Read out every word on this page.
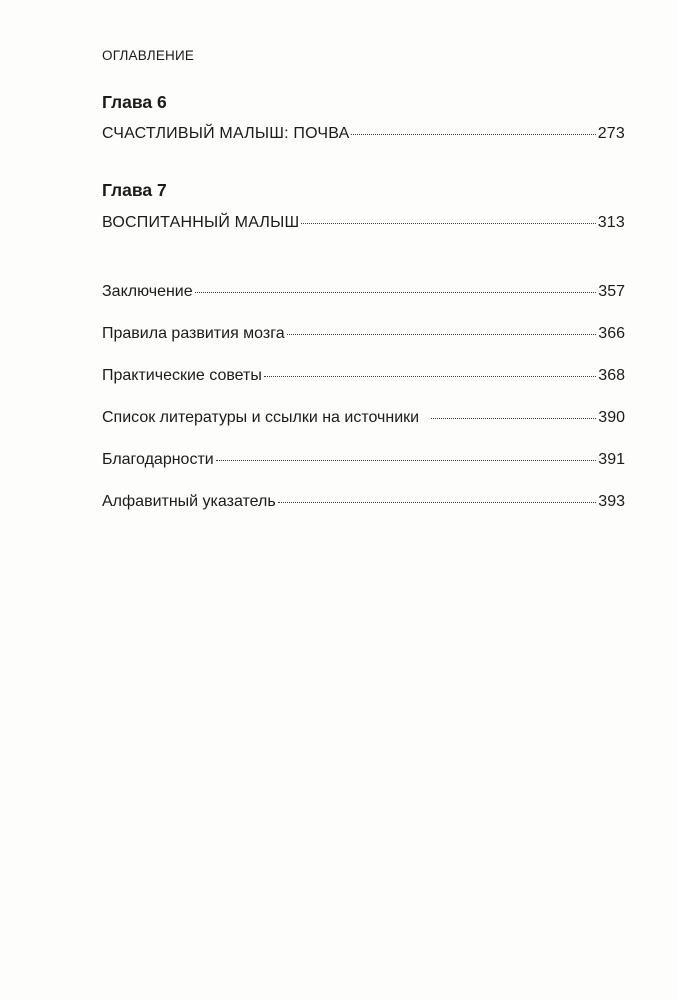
ОГЛАВЛЕНИЕ
Глава 6
СЧАСТЛИВЫЙ МАЛЫШ: ПОЧВА	273
Глава 7
ВОСПИТАННЫЙ МАЛЫШ	313
Заключение	357
Правила развития мозга	366
Практические советы	368
Список литературы и ссылки на источники	390
Благодарности	391
Алфавитный указатель	393
